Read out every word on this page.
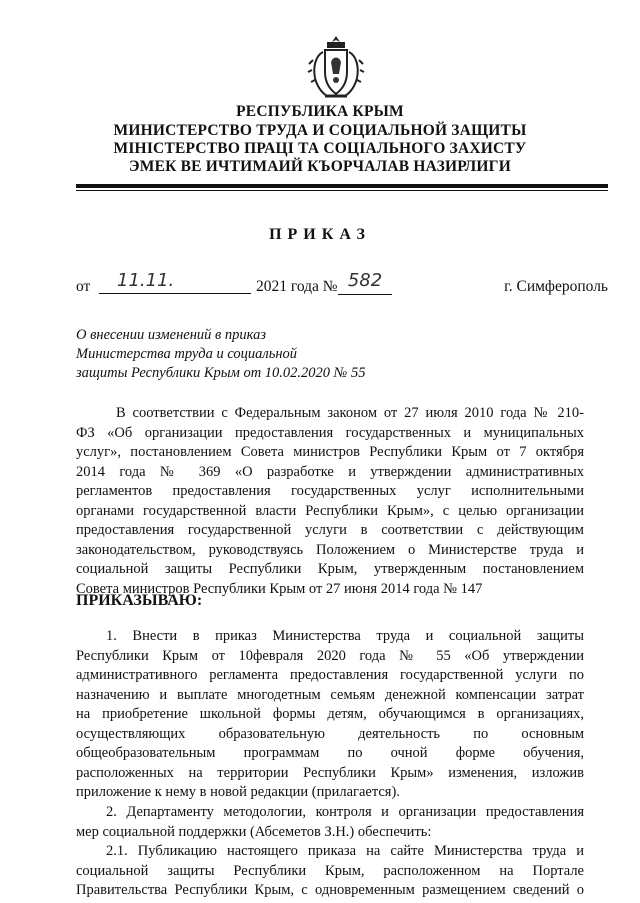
РЕСПУБЛИКА КРЫМ
МИНИСТЕРСТВО ТРУДА И СОЦИАЛЬНОЙ ЗАЩИТЫ
МІНІСТЕРСТВО ПРАЦІ ТА СОЦІАЛЬНОГО ЗАХИСТУ
ЭМЕК ВЕ ИЧТИМАИЙ КЪОРЧАЛАВ НАЗИРЛИГИ
ПРИКАЗ
от	11.11.	2021 года № 582	г. Симферополь
О внесении изменений в приказ
Министерства труда и социальной
защиты Республики Крым от 10.02.2020 № 55
В соответствии с Федеральным законом от 27 июля 2010 года № 210-
ФЗ «Об организации предоставления государственных и муниципальных
услуг», постановлением Совета министров Республики Крым от 7 октября
2014 года № 369 «О разработке и утверждении административных
регламентов предоставления государственных услуг исполнительными
органами государственной власти Республики Крым», с целью организации
предоставления государственной услуги в соответствии с действующим
законодательством, руководствуясь Положением о Министерстве труда и
социальной защиты Республики Крым, утвержденным постановлением
Совета министров Республики Крым от 27 июня 2014 года № 147
ПРИКАЗЫВАЮ:
1. Внести в приказ Министерства труда и социальной защиты
Республики Крым от 10февраля 2020 года № 55 «Об утверждении
административного регламента предоставления государственной услуги по
назначению и выплате многодетным семьям денежной компенсации затрат
на приобретение школьной формы детям, обучающимся в организациях,
осуществляющих образовательную деятельность по основным
общеобразовательным программам по очной форме обучения,
расположенных на территории Республики Крым» изменения, изложив
приложение к нему в новой редакции (прилагается).
2. Департаменту методологии, контроля и организации предоставления
мер социальной поддержки (Абсеметов З.Н.) обеспечить:
2.1. Публикацию настоящего приказа на сайте Министерства труда и
социальной защиты Республики Крым, расположенном на Портале
Правительства Республики Крым, с одновременным размещением сведений о
